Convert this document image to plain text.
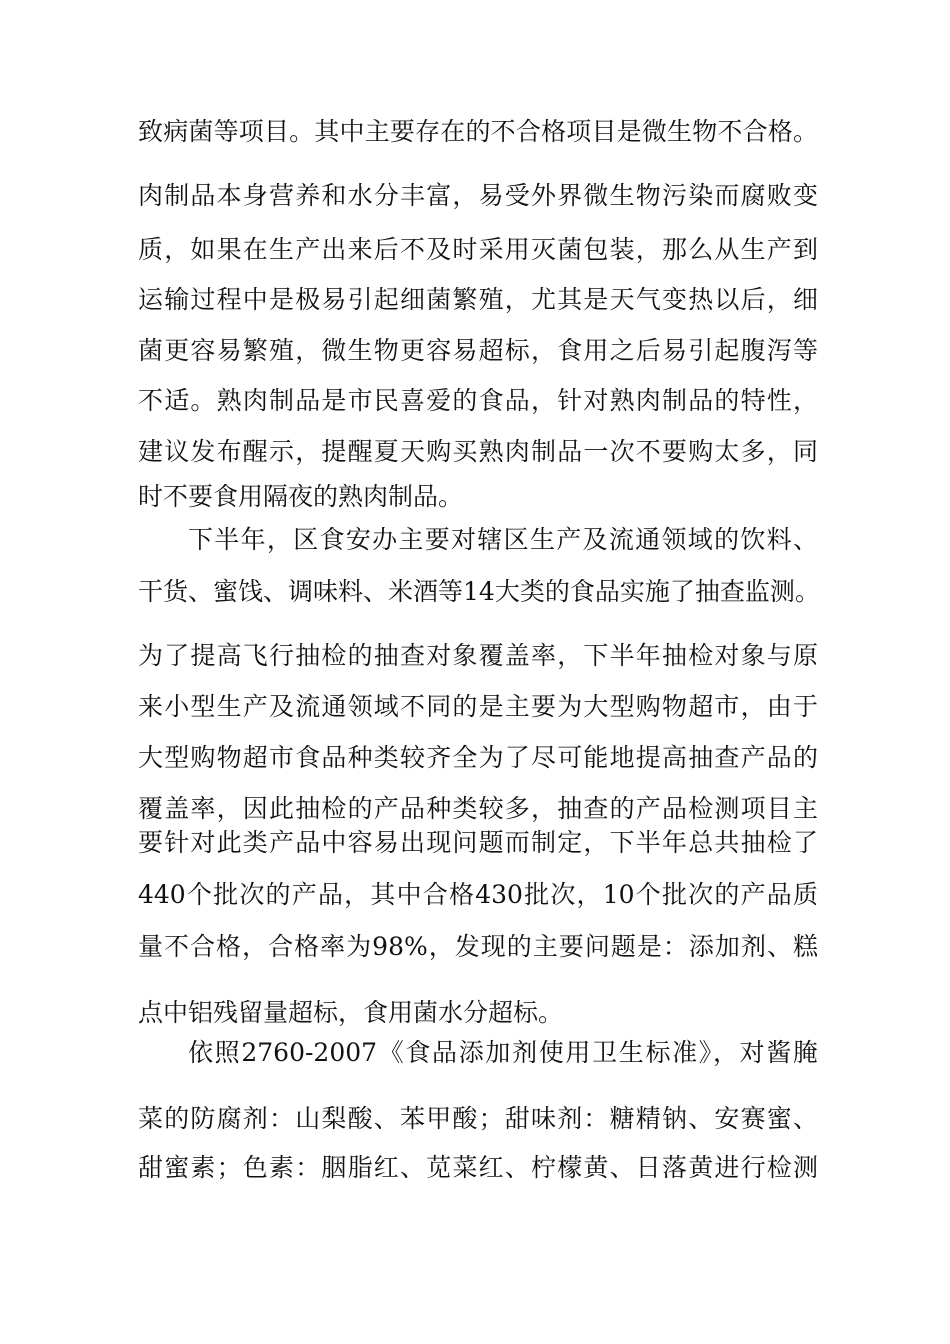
致病菌等项目。其中主要存在的不合格项目是微生物不合格。
肉制品本身营养和水分丰富，易受外界微生物污染而腐败变
质，如果在生产出来后不及时采用灭菌包装，那么从生产到
运输过程中是极易引起细菌繁殖，尤其是天气变热以后，细
菌更容易繁殖，微生物更容易超标，食用之后易引起腹泻等
不适。熟肉制品是市民喜爱的食品，针对熟肉制品的特性，
建议发布醒示，提醒夏天购买熟肉制品一次不要购太多，同
时不要食用隔夜的熟肉制品。
下半年，区食安办主要对辖区生产及流通领域的饮料、
干货、蜜饯、调味料、米酒等14大类的食品实施了抽查监测。
为了提高飞行抽检的抽查对象覆盖率，下半年抽检对象与原
来小型生产及流通领域不同的是主要为大型购物超市，由于
大型购物超市食品种类较齐全为了尽可能地提高抽查产品的
覆盖率，因此抽检的产品种类较多，抽查的产品检测项目主
要针对此类产品中容易出现问题而制定，下半年总共抽检了
440个批次的产品，其中合格430批次，10个批次的产品质
量不合格，合格率为98%，发现的主要问题是：添加剂、糕
点中铝残留量超标，食用菌水分超标。
依照2760-2007《食品添加剂使用卫生标准》，对酱腌
菜的防腐剂：山梨酸、苯甲酸；甜味剂：糖精钠、安赛蜜、
甜蜜素；色素：胭脂红、苋菜红、柠檬黄、日落黄进行检测
